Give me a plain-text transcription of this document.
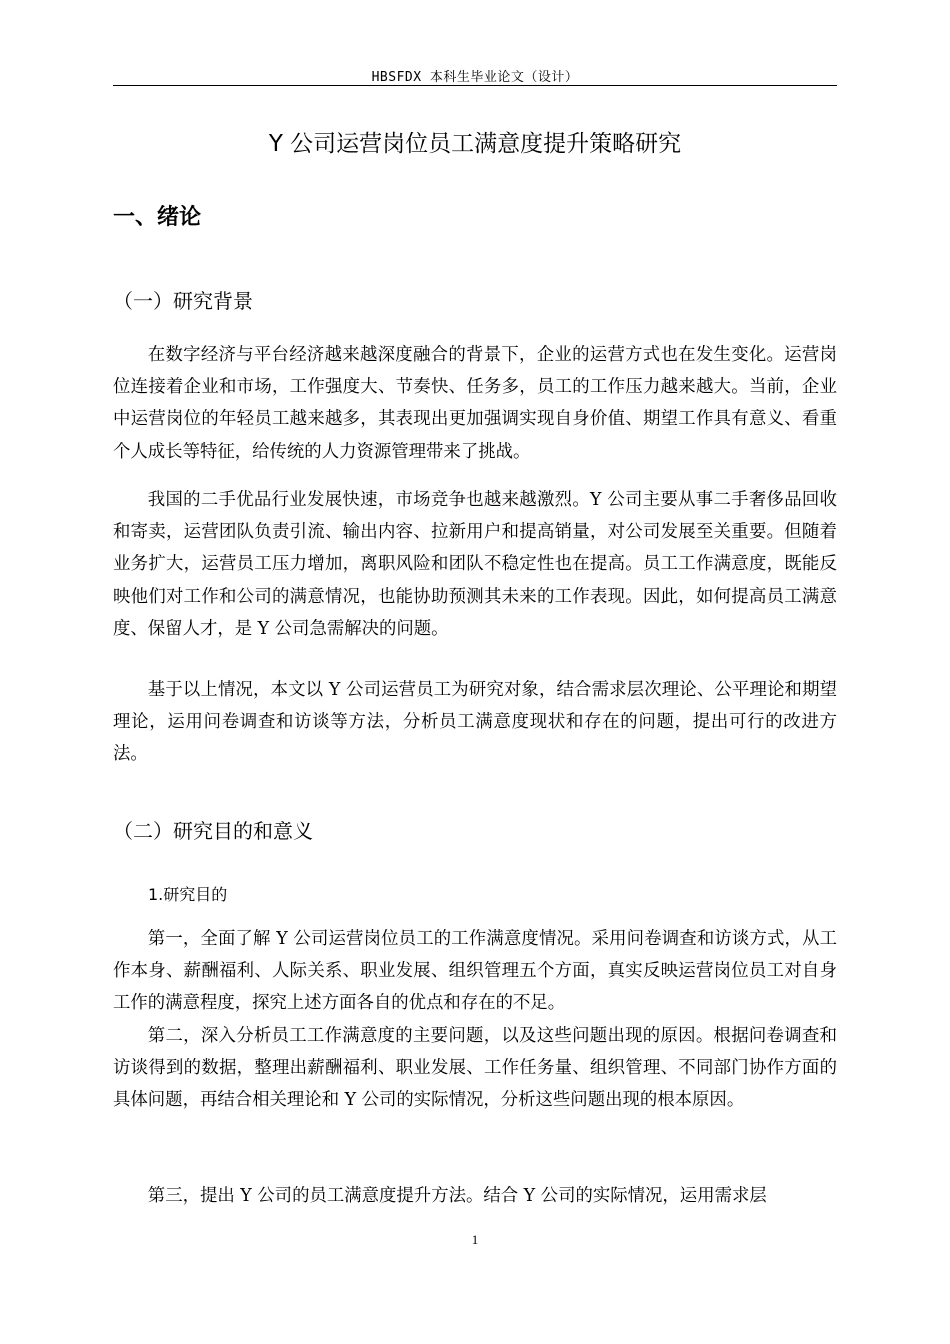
HBSFDX 本科生毕业论文（设计）
Y 公司运营岗位员工满意度提升策略研究
一、绪论
（一）研究背景

在数字经济与平台经济越来越深度融合的背景下，企业的运营方式也在发生变化。运营岗位连接着企业和市场，工作强度大、节奏快、任务多，员工的工作压力越来越大。当前，企业中运营岗位的年轻员工越来越多，其表现出更加强调实现自身价值、期望工作具有意义、看重个人成长等特征，给传统的人力资源管理带来了挑战。

我国的二手优品行业发展快速，市场竞争也越来越激烈。Y 公司主要从事二手奢侈品回收和寄卖，运营团队负责引流、输出内容、拉新用户和提高销量，对公司发展至关重要。但随着业务扩大，运营员工压力增加，离职风险和团队不稳定性也在提高。员工工作满意度，既能反映他们对工作和公司的满意情况，也能协助预测其未来的工作表现。因此，如何提高员工满意度、保留人才，是 Y 公司急需解决的问题。

基于以上情况，本文以 Y 公司运营员工为研究对象，结合需求层次理论、公平理论和期望理论，运用问卷调查和访谈等方法，分析员工满意度现状和存在的问题，提出可行的改进方法。

（二）研究目的和意义
1.研究目的

第一，全面了解 Y 公司运营岗位员工的工作满意度情况。采用问卷调查和访谈方式，从工作本身、薪酬福利、人际关系、职业发展、组织管理五个方面，真实反映运营岗位员工对自身工作的满意程度，探究上述方面各自的优点和存在的不足。

第二，深入分析员工工作满意度的主要问题，以及这些问题出现的原因。根据问卷调查和访谈得到的数据，整理出薪酬福利、职业发展、工作任务量、组织管理、不同部门协作方面的具体问题，再结合相关理论和 Y 公司的实际情况，分析这些问题出现的根本原因。

第三，提出 Y 公司的员工满意度提升方法。结合 Y 公司的实际情况，运用需求层

1
